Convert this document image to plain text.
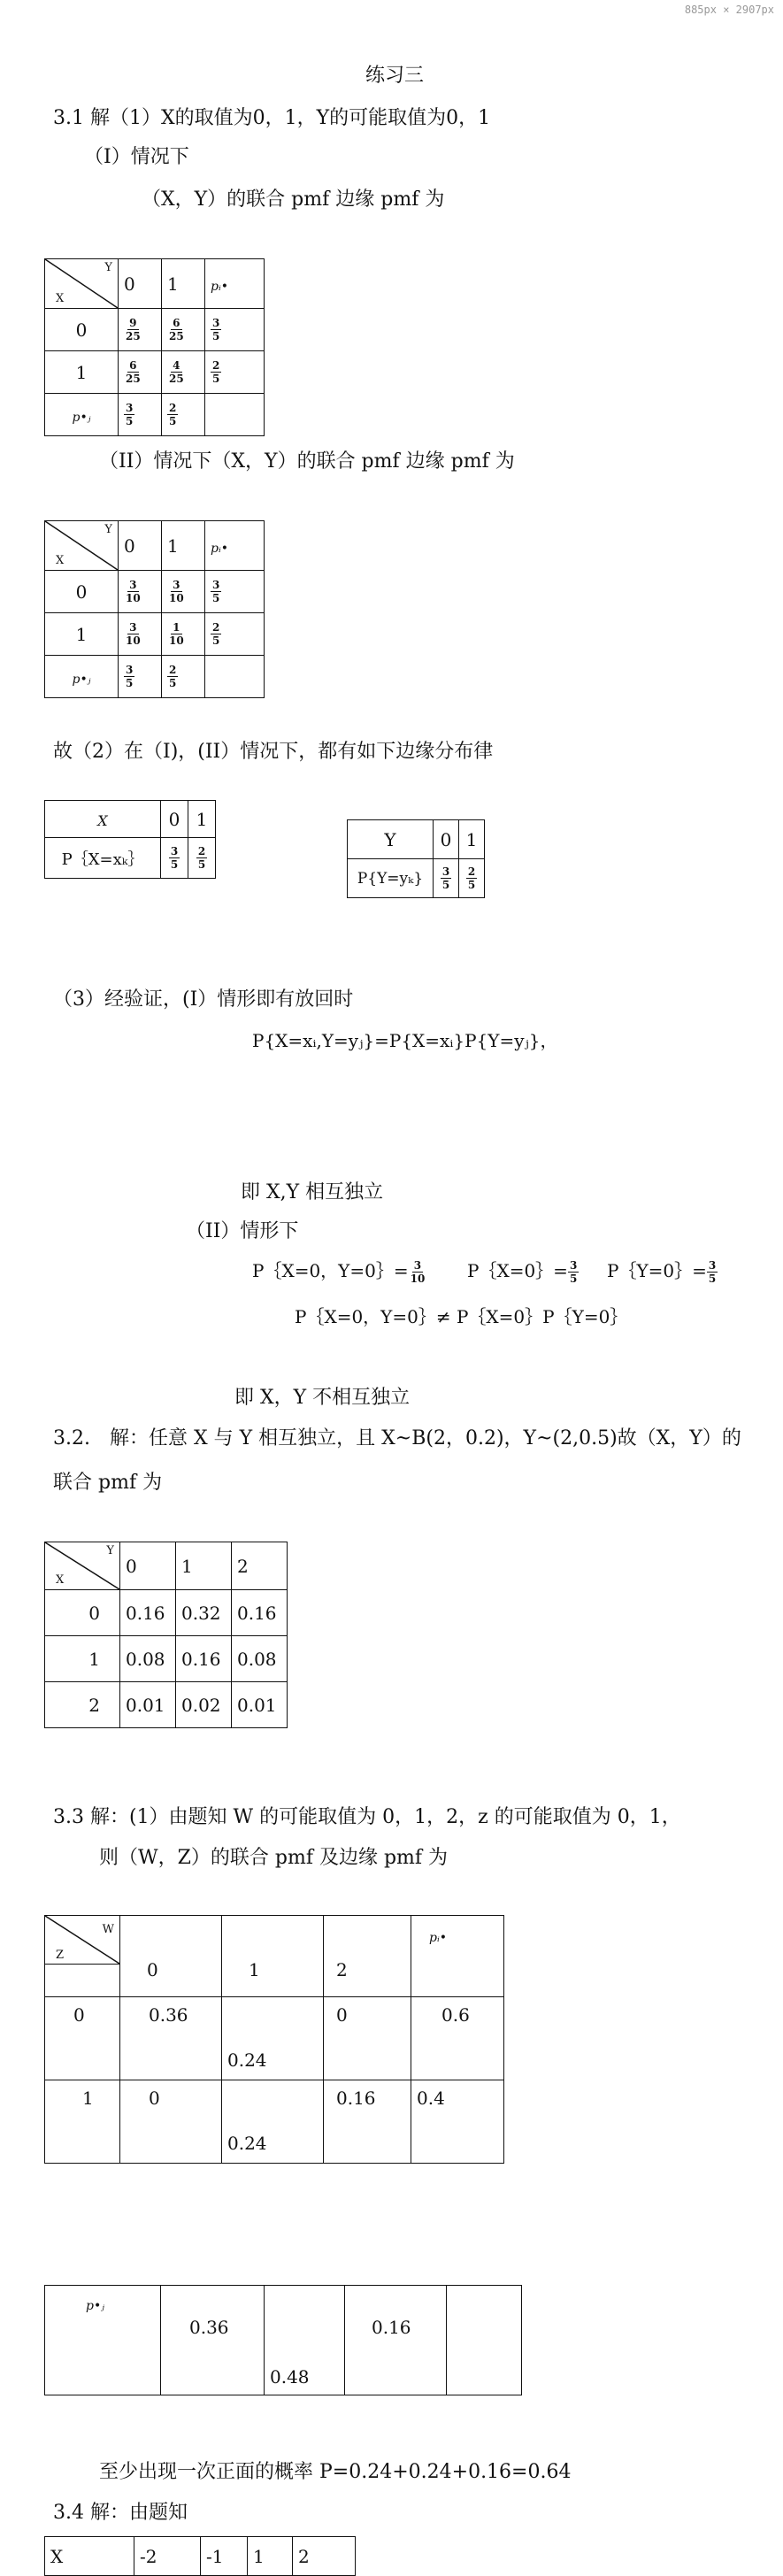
885px × 2907px
练习三
3.1 解（1）X的取值为0，1，Y的可能取值为0，1
（I）情况下
（X，Y）的联合 pmf 边缘 pmf 为
Y
X	0	1	pᵢ•
0	$\frac{9}{25}$	$\frac{6}{25}$	$\frac{3}{5}$

1	$\frac{6}{25}$	$\frac{4}{25}$	$\frac{2}{5}$

p•ⱼ	$\frac{3}{5}$	$\frac{2}{5}$

（II）情况下（X，Y）的联合 pmf 边缘 pmf 为
Y
X	0	1	pᵢ•
0	$\frac{3}{10}$	$\frac{3}{10}$	$\frac{3}{5}$

1	$\frac{3}{10}$	$\frac{1}{10}$	$\frac{2}{5}$

p•ⱼ	$\frac{3}{5}$	$\frac{2}{5}$

故（2）在（I)，(II）情况下，都有如下边缘分布律
X	0	1
P｛X=xₖ｝	$\frac{3}{5}$	$\frac{2}{5}$
Y	0	1
P{Y=yₖ}	$\frac{3}{5}$	$\frac{2}{5}$
（3）经验证，(I）情形即有放回时
P{X=xᵢ,Y=yⱼ}=P{X=xᵢ}P{Y=yⱼ}，
即 X,Y 相互独立
（II）情形下
P｛X=0，Y=0｝= $\frac{3}{10}$ P｛X=0｝= $\frac{3}{5}$ P｛Y=0｝= $\frac{3}{5}$
P｛X=0，Y=0｝≠ P｛X=0｝P｛Y=0｝
即 X，Y 不相互独立
3.2.　解：任意 X 与 Y 相互独立，且 X~B(2，0.2)，Y~(2,0.5)故（X，Y）的
联合 pmf 为
Y
X	0	1	2
0	0.16	0.32	0.16
1	0.08	0.16	0.08
2	0.01	0.02	0.01
3.3 解：(1）由题知 W 的可能取值为 0，1，2，z 的可能取值为 0，1，
则（W，Z）的联合 pmf 及边缘 pmf 为
W
Z	0	1	2	pᵢ•
0	0.36	0.24	0	0.6
1	0	0.24	0.16	0.4
p•ⱼ	0.36	0.48	0.16	
至少出现一次正面的概率 P=0.24+0.24+0.16=0.64
3.4 解：由题知
X	-2	-1	1	2
